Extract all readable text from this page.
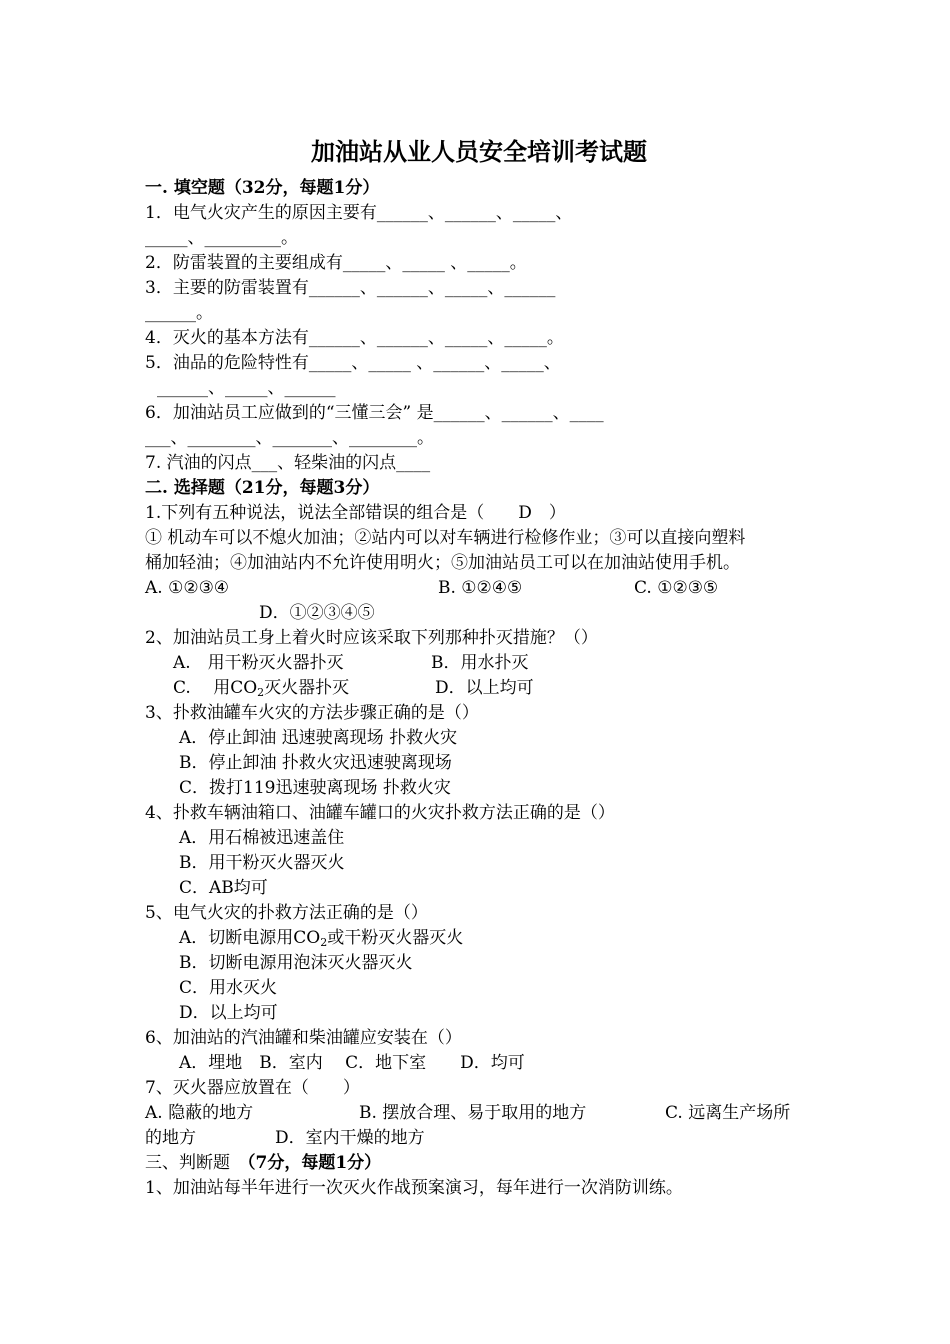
加油站从业人员安全培训考试题
一. 填空题（32分，每题1分）
1．电气火灾产生的原因主要有______、______、_____、
_____、_________。
2．防雷装置的主要组成有_____、_____ 、_____。
3．主要的防雷装置有______、______、_____、______
______。
4．灭火的基本方法有______、______、_____、_____。
5．油品的危险特性有_____、_____ 、______、_____、
______、_____、______
6．加油站员工应做到的“三懂三会” 是______、______、____
___、________、_______、________。
7. 汽油的闪点___、轻柴油的闪点____
二. 选择题（21分，每题3分）
1.下列有五种说法，说法全部错误的组合是（　　D　）
① 机动车可以不熄火加油；②站内可以对车辆进行检修作业；③可以直接向塑料
桶加轻油；④加油站内不允许使用明火；⑤加油站员工可以在加油站使用手机。
A. ①②③④	B. ①②④⑤	C. ①②③⑤
D．①②③④⑤
2、加油站员工身上着火时应该采取下列那种扑灭措施？（）
A.　用干粉灭火器扑灭	B．用水扑灭
C.　 用$CO_2$灭火器扑灭	D．以上均可
3、扑救油罐车火灾的方法步骤正确的是（）
A．停止卸油 迅速驶离现场 扑救火灾
B．停止卸油 扑救火灾迅速驶离现场
C．拨打119迅速驶离现场 扑救火灾
4、扑救车辆油箱口、油罐车罐口的火灾扑救方法正确的是（）
A．用石棉被迅速盖住
B．用干粉灭火器灭火
C．AB均可
5、电气火灾的扑救方法正确的是（）
A．切断电源用$CO_2$或干粉灭火器灭火
B．切断电源用泡沫灭火器灭火
C．用水灭火
D．以上均可
6、加油站的汽油罐和柴油罐应安装在（）
A．埋地　B．室内　 C．地下室　　D．均可
7、灭火器应放置在（　　）
A. 隐蔽的地方	B. 摆放合理、易于取用的地方	C. 远离生产场所
的地方	D．室内干燥的地方
三、判断题　（7分，每题1分）
1、加油站每半年进行一次灭火作战预案演习，每年进行一次消防训练。
